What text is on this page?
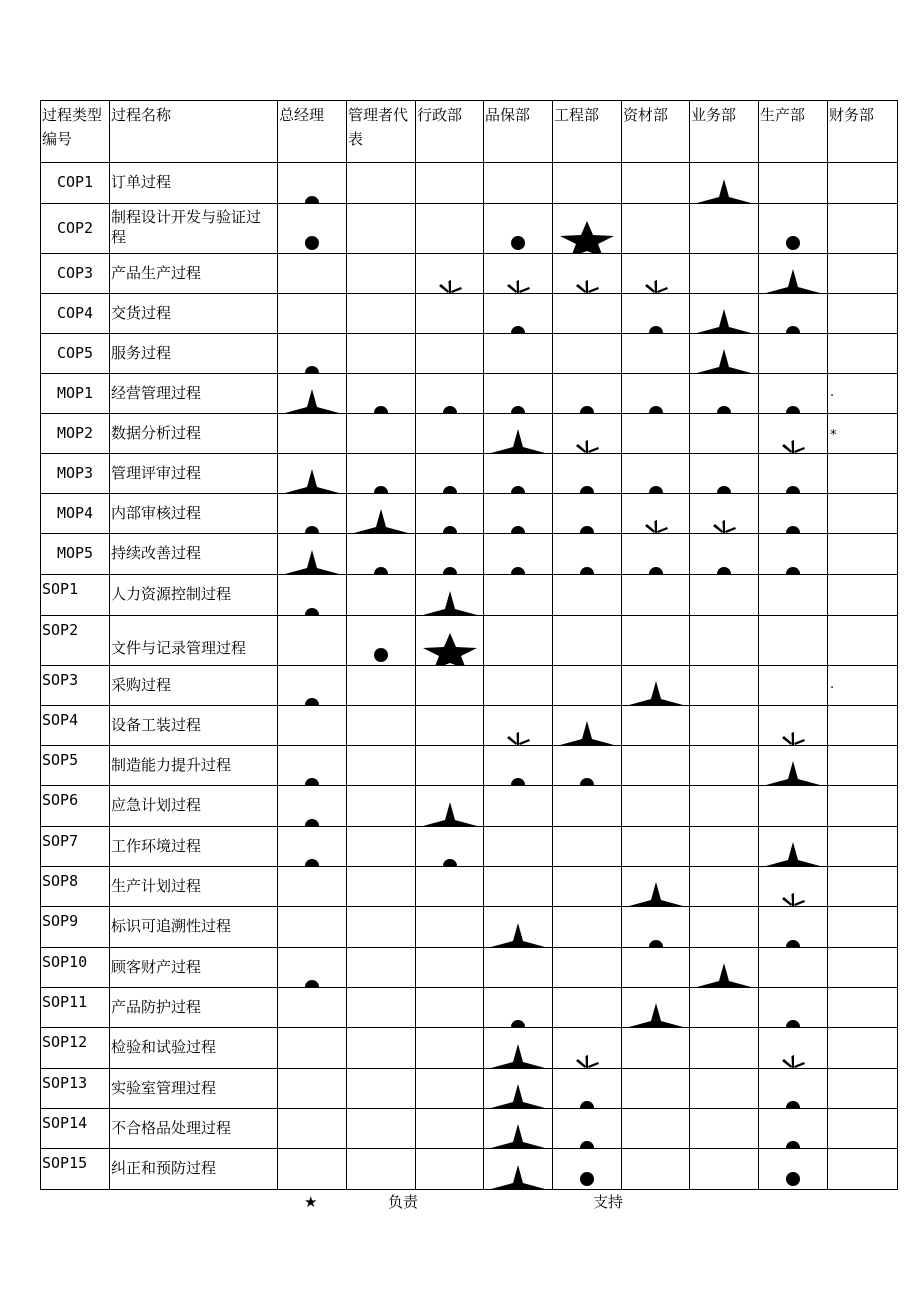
过程类型编号	过程名称	总经理	管理者代表	行政部	品保部	工程部	资材部	业务部	生产部	财务部

COP1	订单过程

COP2	制程设计开发与验证过程

COP3	产品生产过程

COP4	交货过程

COP5	服务过程

MOP1	经营管理过程									.

MOP2	数据分析过程									*

MOP3	管理评审过程

MOP4	内部审核过程

MOP5	持续改善过程

SOP1	人力资源控制过程

SOP2	文件与记录管理过程

SOP3	采购过程									.

SOP4	设备工装过程

SOP5	制造能力提升过程

SOP6	应急计划过程

SOP7	工作环境过程

SOP8	生产计划过程

SOP9	标识可追溯性过程

SOP10	顾客财产过程

SOP11	产品防护过程

SOP12	检验和试验过程

SOP13	实验室管理过程

SOP14	不合格品处理过程

SOP15	纠正和预防过程

★	负责	支持
